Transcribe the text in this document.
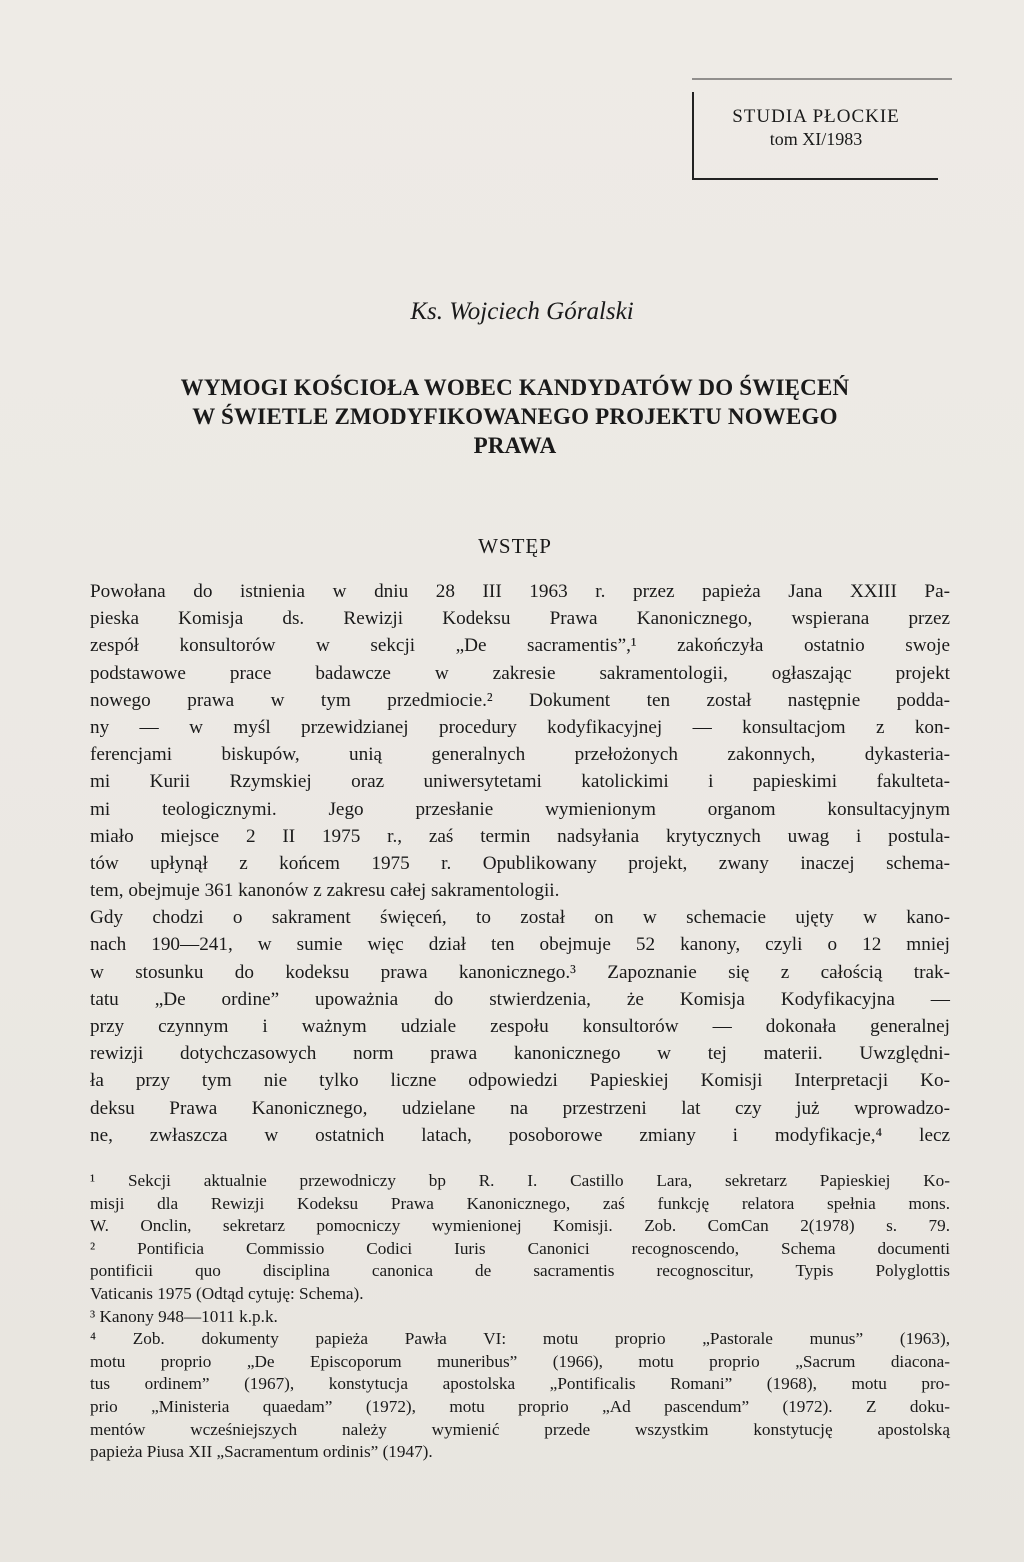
STUDIA PŁOCKIE
tom XI/1983
Ks. Wojciech Góralski
WYMOGI KOŚCIOŁA WOBEC KANDYDATÓW DO ŚWIĘCEŃ
W ŚWIETLE ZMODYFIKOWANEGO PROJEKTU NOWEGO
PRAWA
WSTĘP
Powołana do istnienia w dniu 28 III 1963 r. przez papieża Jana XXIII Pa-
pieska Komisja ds. Rewizji Kodeksu Prawa Kanonicznego, wspierana przez
zespół konsultorów w sekcji „De sacramentis”,¹ zakończyła ostatnio swoje
podstawowe prace badawcze w zakresie sakramentologii, ogłaszając projekt
nowego prawa w tym przedmiocie.² Dokument ten został następnie podda-
ny — w myśl przewidzianej procedury kodyfikacyjnej — konsultacjom z kon-
ferencjami biskupów, unią generalnych przełożonych zakonnych, dykasteria-
mi Kurii Rzymskiej oraz uniwersytetami katolickimi i papieskimi fakulteta-
mi teologicznymi. Jego przesłanie wymienionym organom konsultacyjnym
miało miejsce 2 II 1975 r., zaś termin nadsyłania krytycznych uwag i postula-
tów upłynął z końcem 1975 r. Opublikowany projekt, zwany inaczej schema-
tem, obejmuje 361 kanonów z zakresu całej sakramentologii.
Gdy chodzi o sakrament święceń, to został on w schemacie ujęty w kano-
nach 190—241, w sumie więc dział ten obejmuje 52 kanony, czyli o 12 mniej
w stosunku do kodeksu prawa kanonicznego.³ Zapoznanie się z całością trak-
tatu „De ordine” upoważnia do stwierdzenia, że Komisja Kodyfikacyjna —
przy czynnym i ważnym udziale zespołu konsultorów — dokonała generalnej
rewizji dotychczasowych norm prawa kanonicznego w tej materii. Uwzględni-
ła przy tym nie tylko liczne odpowiedzi Papieskiej Komisji Interpretacji Ko-
deksu Prawa Kanonicznego, udzielane na przestrzeni lat czy już wprowadzo-
ne, zwłaszcza w ostatnich latach, posoborowe zmiany i modyfikacje,⁴ lecz
¹ Sekcji aktualnie przewodniczy bp R. I. Castillo Lara, sekretarz Papieskiej Ko-
misji dla Rewizji Kodeksu Prawa Kanonicznego, zaś funkcję relatora spełnia mons.
W. Onclin, sekretarz pomocniczy wymienionej Komisji. Zob. ComCan 2(1978) s. 79.
² Pontificia Commissio Codici Iuris Canonici recognoscendo, Schema documenti
pontificii quo disciplina canonica de sacramentis recognoscitur, Typis Polyglottis
Vaticanis 1975 (Odtąd cytuję: Schema).
³ Kanony 948—1011 k.p.k.
⁴ Zob. dokumenty papieża Pawła VI: motu proprio „Pastorale munus” (1963),
motu proprio „De Episcoporum muneribus” (1966), motu proprio „Sacrum diacona-
tus ordinem” (1967), konstytucja apostolska „Pontificalis Romani” (1968), motu pro-
prio „Ministeria quaedam” (1972), motu proprio „Ad pascendum” (1972). Z doku-
mentów wcześniejszych należy wymienić przede wszystkim konstytucję apostolską
papieża Piusa XII „Sacramentum ordinis” (1947).
